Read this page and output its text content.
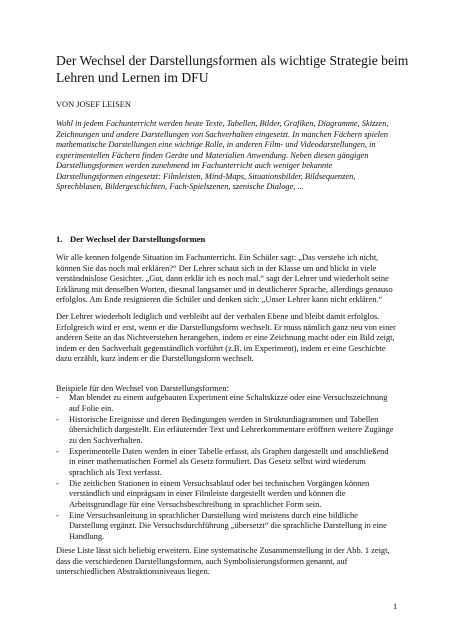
Der Wechsel der Darstellungsformen als wichtige Strategie beim Lehren und Lernen im DFU

VON JOSEF LEISEN

Wohl in jedem Fachunterricht werden heute Texte, Tabellen, Bilder, Grafiken, Diagramme, Skizzen, Zeichnungen und andere Darstellungen von Sachverhalten eingesetzt. In manchen Fächern spielen mathematische Darstellungen eine wichtige Rolle, in anderen Film- und Videodarstellungen, in experimentellen Fächern finden Geräte und Materialien Anwendung. Neben diesen gängigen Darstellungsformen werden zunehmend im Fachunterricht auch weniger bekannte Darstellungsformen eingesetzt: Filmleisten, Mind-Maps, Situationsbilder, Bildsequenzen, Sprechblasen, Bildergeschichten, Fach-Spielszenen, szenische Dialoge, ...

1. Der Wechsel der Darstellungsformen

Wir alle kennen folgende Situation im Fachunterricht. Ein Schüler sagt: „Das verstehe ich nicht, können Sie das noch mal erklären?“ Der Lehrer schaut sich in der Klasse um und blickt in viele verständnislose Gesichter. „Gut, dann erklär ich es noch mal.“ sagt der Lehrer und wiederholt seine Erklärung mit denselben Worten, diesmal langsamer und in deutlicherer Sprache, allerdings genauso erfolglos. Am Ende resignieren die Schüler und denken sich: „Unser Lehrer kann nicht erklären.“

Der Lehrer wiederholt lediglich und verbleibt auf der verbalen Ebene und bleibt damit erfolglos. Erfolgreich wird er erst, wenn er die Darstellungsform wechselt. Er muss nämlich ganz neu von einer anderen Seite an das Nichtverstehen herangehen, indem er eine Zeichnung macht oder ein Bild zeigt, indem er den Sachverhalt gegenständlich vorführt (z.B. im Experiment), indem er eine Geschichte dazu erzählt, kurz indem er die Darstellungsform wechselt.

Beispiele für den Wechsel von Darstellungsformen:

-	Man blendet zu einem aufgebauten Experiment eine Schaltskizze oder eine Versuchszeichnung auf Folie ein.
-	Historische Ereignisse und deren Bedingungen werden in Strukturdiagrammen und Tabellen übersichtlich dargestellt. Ein erläuternder Text und Lehrerkommentare eröffnen weitere Zugänge zu den Sachverhalten.
-	Experimentelle Daten werden in einer Tabelle erfasst, als Graphen dargestellt und anschließend in einer mathematischen Formel als Gesetz formuliert. Das Gesetz selbst wird wiederum sprachlich als Text verfasst.
-	Die zeitlichen Stationen in einem Versuchsablauf oder bei technischen Vorgängen können verständlich und einprägsam in einer Filmleiste dargestellt werden und können die Arbeitsgrundlage für eine Versuchsbeschreibung in sprachlicher Form sein.
-	Eine Versuchsanleitung in sprachlicher Darstellung wird meistens durch eine bildliche Darstellung ergänzt. Die Versuchsdurchführung „übersetzt“ die sprachliche Darstellung in eine Handlung.

Diese Liste lässt sich beliebig erweitern. Eine systematische Zusammenstellung in der Abb. 1 zeigt, dass die verschiedenen Darstellungsformen, auch Symbolisierungsformen genannt, auf unterschiedlichen Abstraktionsniveaus liegen.

1
